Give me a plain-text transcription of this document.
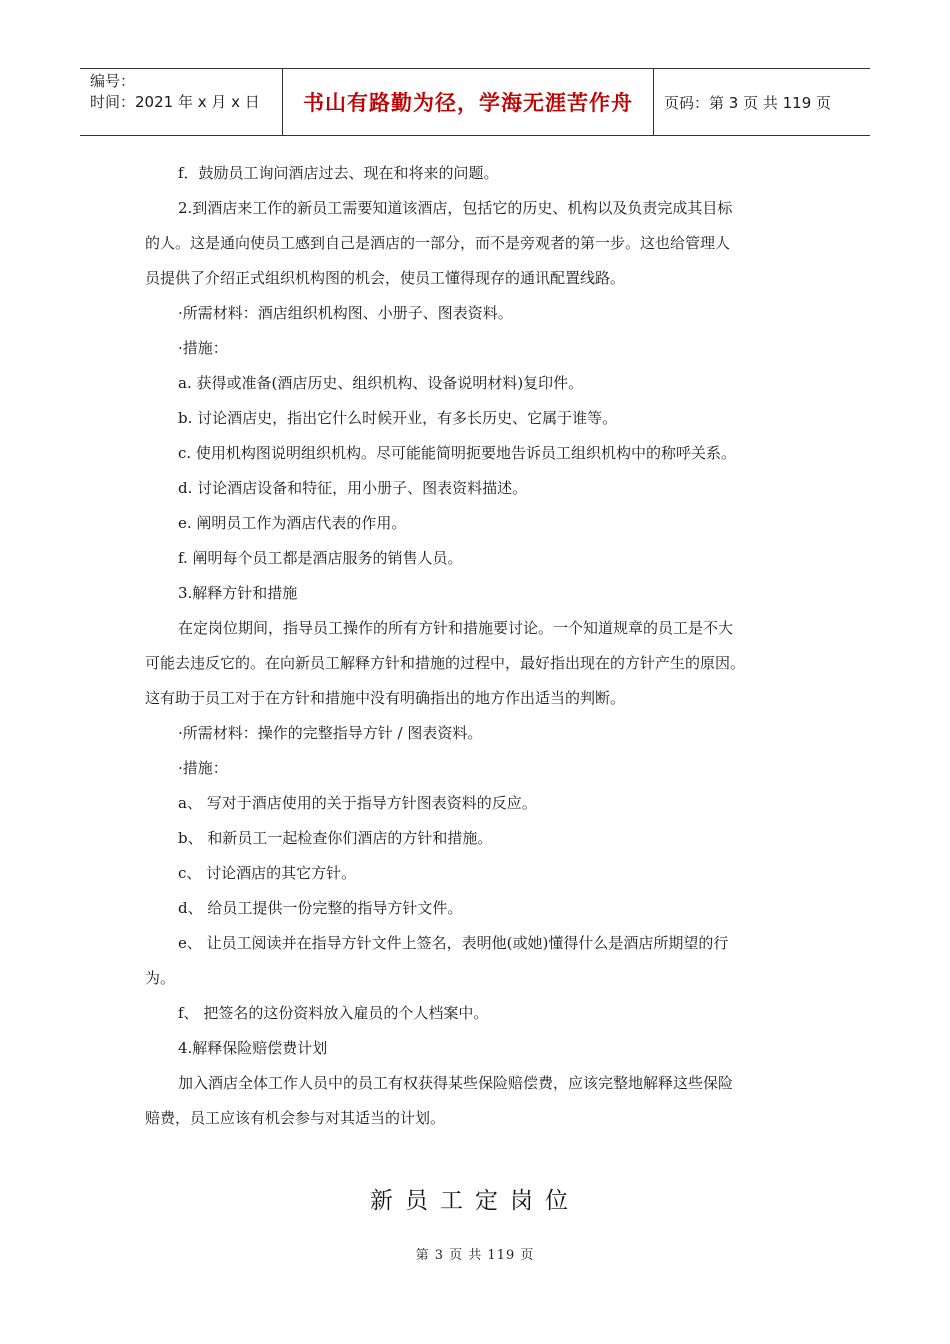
编号：
时间：2021 年 x 月 x 日	书山有路勤为径，学海无涯苦作舟	页码：第 3 页 共 119 页

f．鼓励员工询问酒店过去、现在和将来的问题。

2.到酒店来工作的新员工需要知道该酒店，包括它的历史、机构以及负责完成其目标

的人。这是通向使员工感到自己是酒店的一部分，而不是旁观者的第一步。这也给管理人

员提供了介绍正式组织机构图的机会，使员工懂得现存的通讯配置线路。

·所需材料：酒店组织机构图、小册子、图表资料。

·措施：

a. 获得或准备(酒店历史、组织机构、设备说明材料)复印件。

b. 讨论酒店史，指出它什么时候开业，有多长历史、它属于谁等。

c. 使用机构图说明组织机构。尽可能能简明扼要地告诉员工组织机构中的称呼关系。

d. 讨论酒店设备和特征，用小册子、图表资料描述。

e. 阐明员工作为酒店代表的作用。

f. 阐明每个员工都是酒店服务的销售人员。

3.解释方针和措施

在定岗位期间，指导员工操作的所有方针和措施要讨论。一个知道规章的员工是不大

可能去违反它的。在向新员工解释方针和措施的过程中，最好指出现在的方针产生的原因。

这有助于员工对于在方针和措施中没有明确指出的地方作出适当的判断。

·所需材料：操作的完整指导方针 / 图表资料。

·措施：

a、 写对于酒店使用的关于指导方针图表资料的反应。

b、 和新员工一起检查你们酒店的方针和措施。

c、 讨论酒店的其它方针。

d、 给员工提供一份完整的指导方针文件。

e、 让员工阅读并在指导方针文件上签名，表明他(或她)懂得什么是酒店所期望的行

为。

f、 把签名的这份资料放入雇员的个人档案中。

4.解释保险赔偿费计划

加入酒店全体工作人员中的员工有权获得某些保险赔偿费，应该完整地解释这些保险

赔费，员工应该有机会参与对其适当的计划。

新员工定岗位
第 3 页 共 119 页
